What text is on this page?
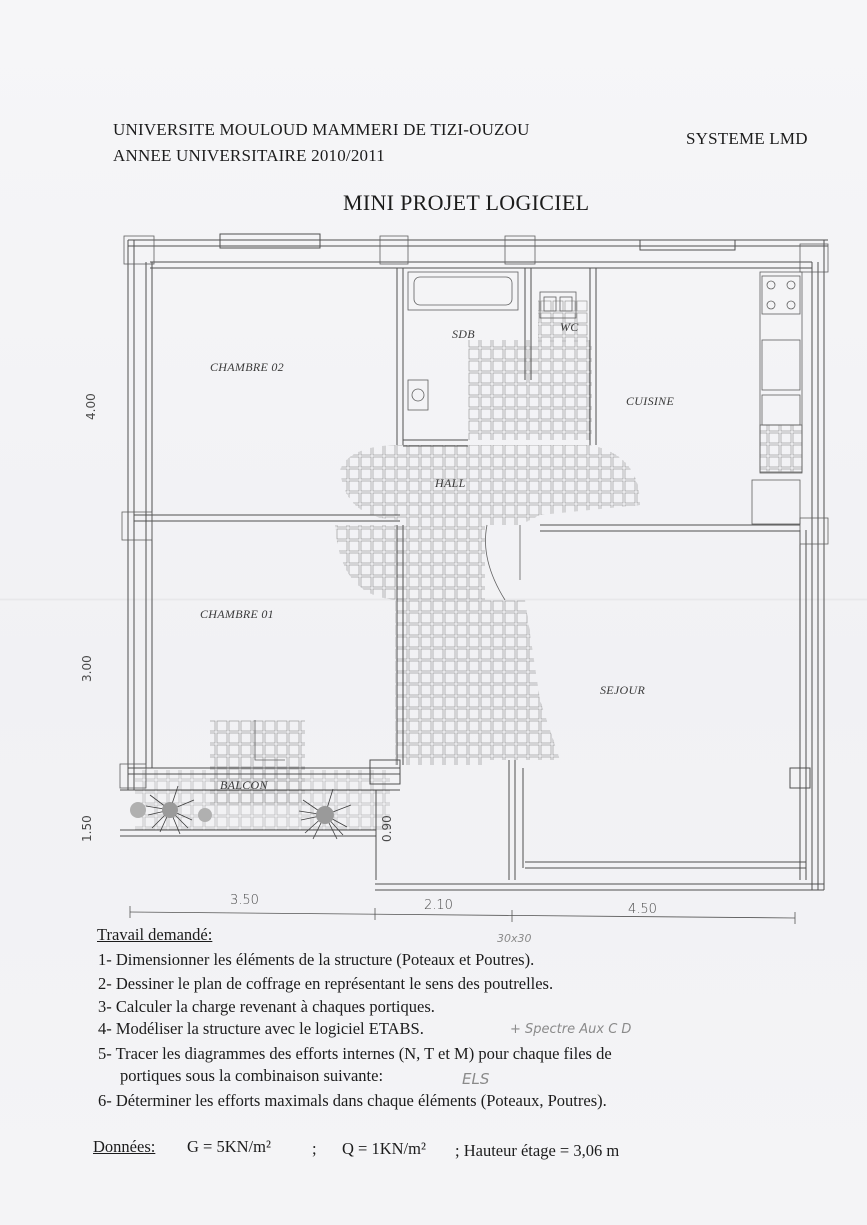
UNIVERSITE MOULOUD MAMMERI DE TIZI-OUZOU
ANNEE UNIVERSITAIRE 2010/2011
SYSTEME LMD
MINI PROJET LOGICIEL
CHAMBRE 02
SDB	WC
CUISINE
HALL
CHAMBRE 01
SEJOUR
BALCON
4.00
3.00
1.50	0.90
3.50	2.10	4.50
Travail demandé:	30x30
1- Dimensionner les éléments de la structure (Poteaux et Poutres).
2- Dessiner le plan de coffrage en représentant le sens des poutrelles.
3- Calculer la charge revenant à chaques portiques.
4- Modéliser la structure avec le logiciel ETABS.	+ Spectre Aux C D
5- Tracer les diagrammes des efforts internes (N, T et M) pour chaque files de
portiques sous la combinaison suivante:	ELS
6- Déterminer les efforts maximals dans chaque éléments (Poteaux, Poutres).
Données: G = 5KN/m² ; Q = 1KN/m² ; Hauteur étage = 3,06 m
